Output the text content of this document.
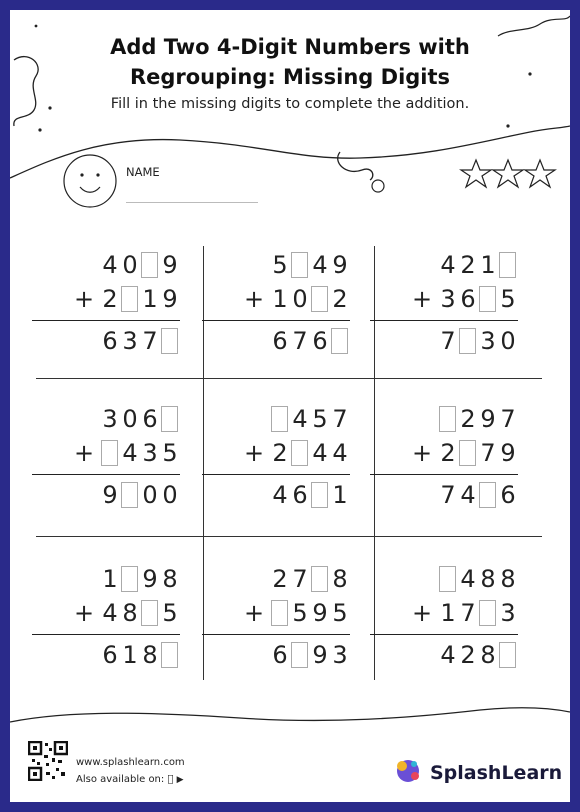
Add Two 4-Digit Numbers with
Regrouping: Missing Digits
Fill in the missing digits to complete the addition.
NAME
4 0 9
+ 2 1 9
6 3 7
5 4 9
+ 1 0 2
6 7 6
4 2 1
+ 3 6 5
7 3 0
3 0 6
+ 4 3 5
9 0 0
4 5 7
+ 2 4 4
4 6 1
2 9 7
+ 2 7 9
7 4 6
1 9 8
+ 4 8 5
6 1 8
2 7 8
+ 5 9 5
6 9 3
4 8 8
+ 1 7 3
4 2 8
www.splashlearn.com
Also available on: ▶	SplashLearn
